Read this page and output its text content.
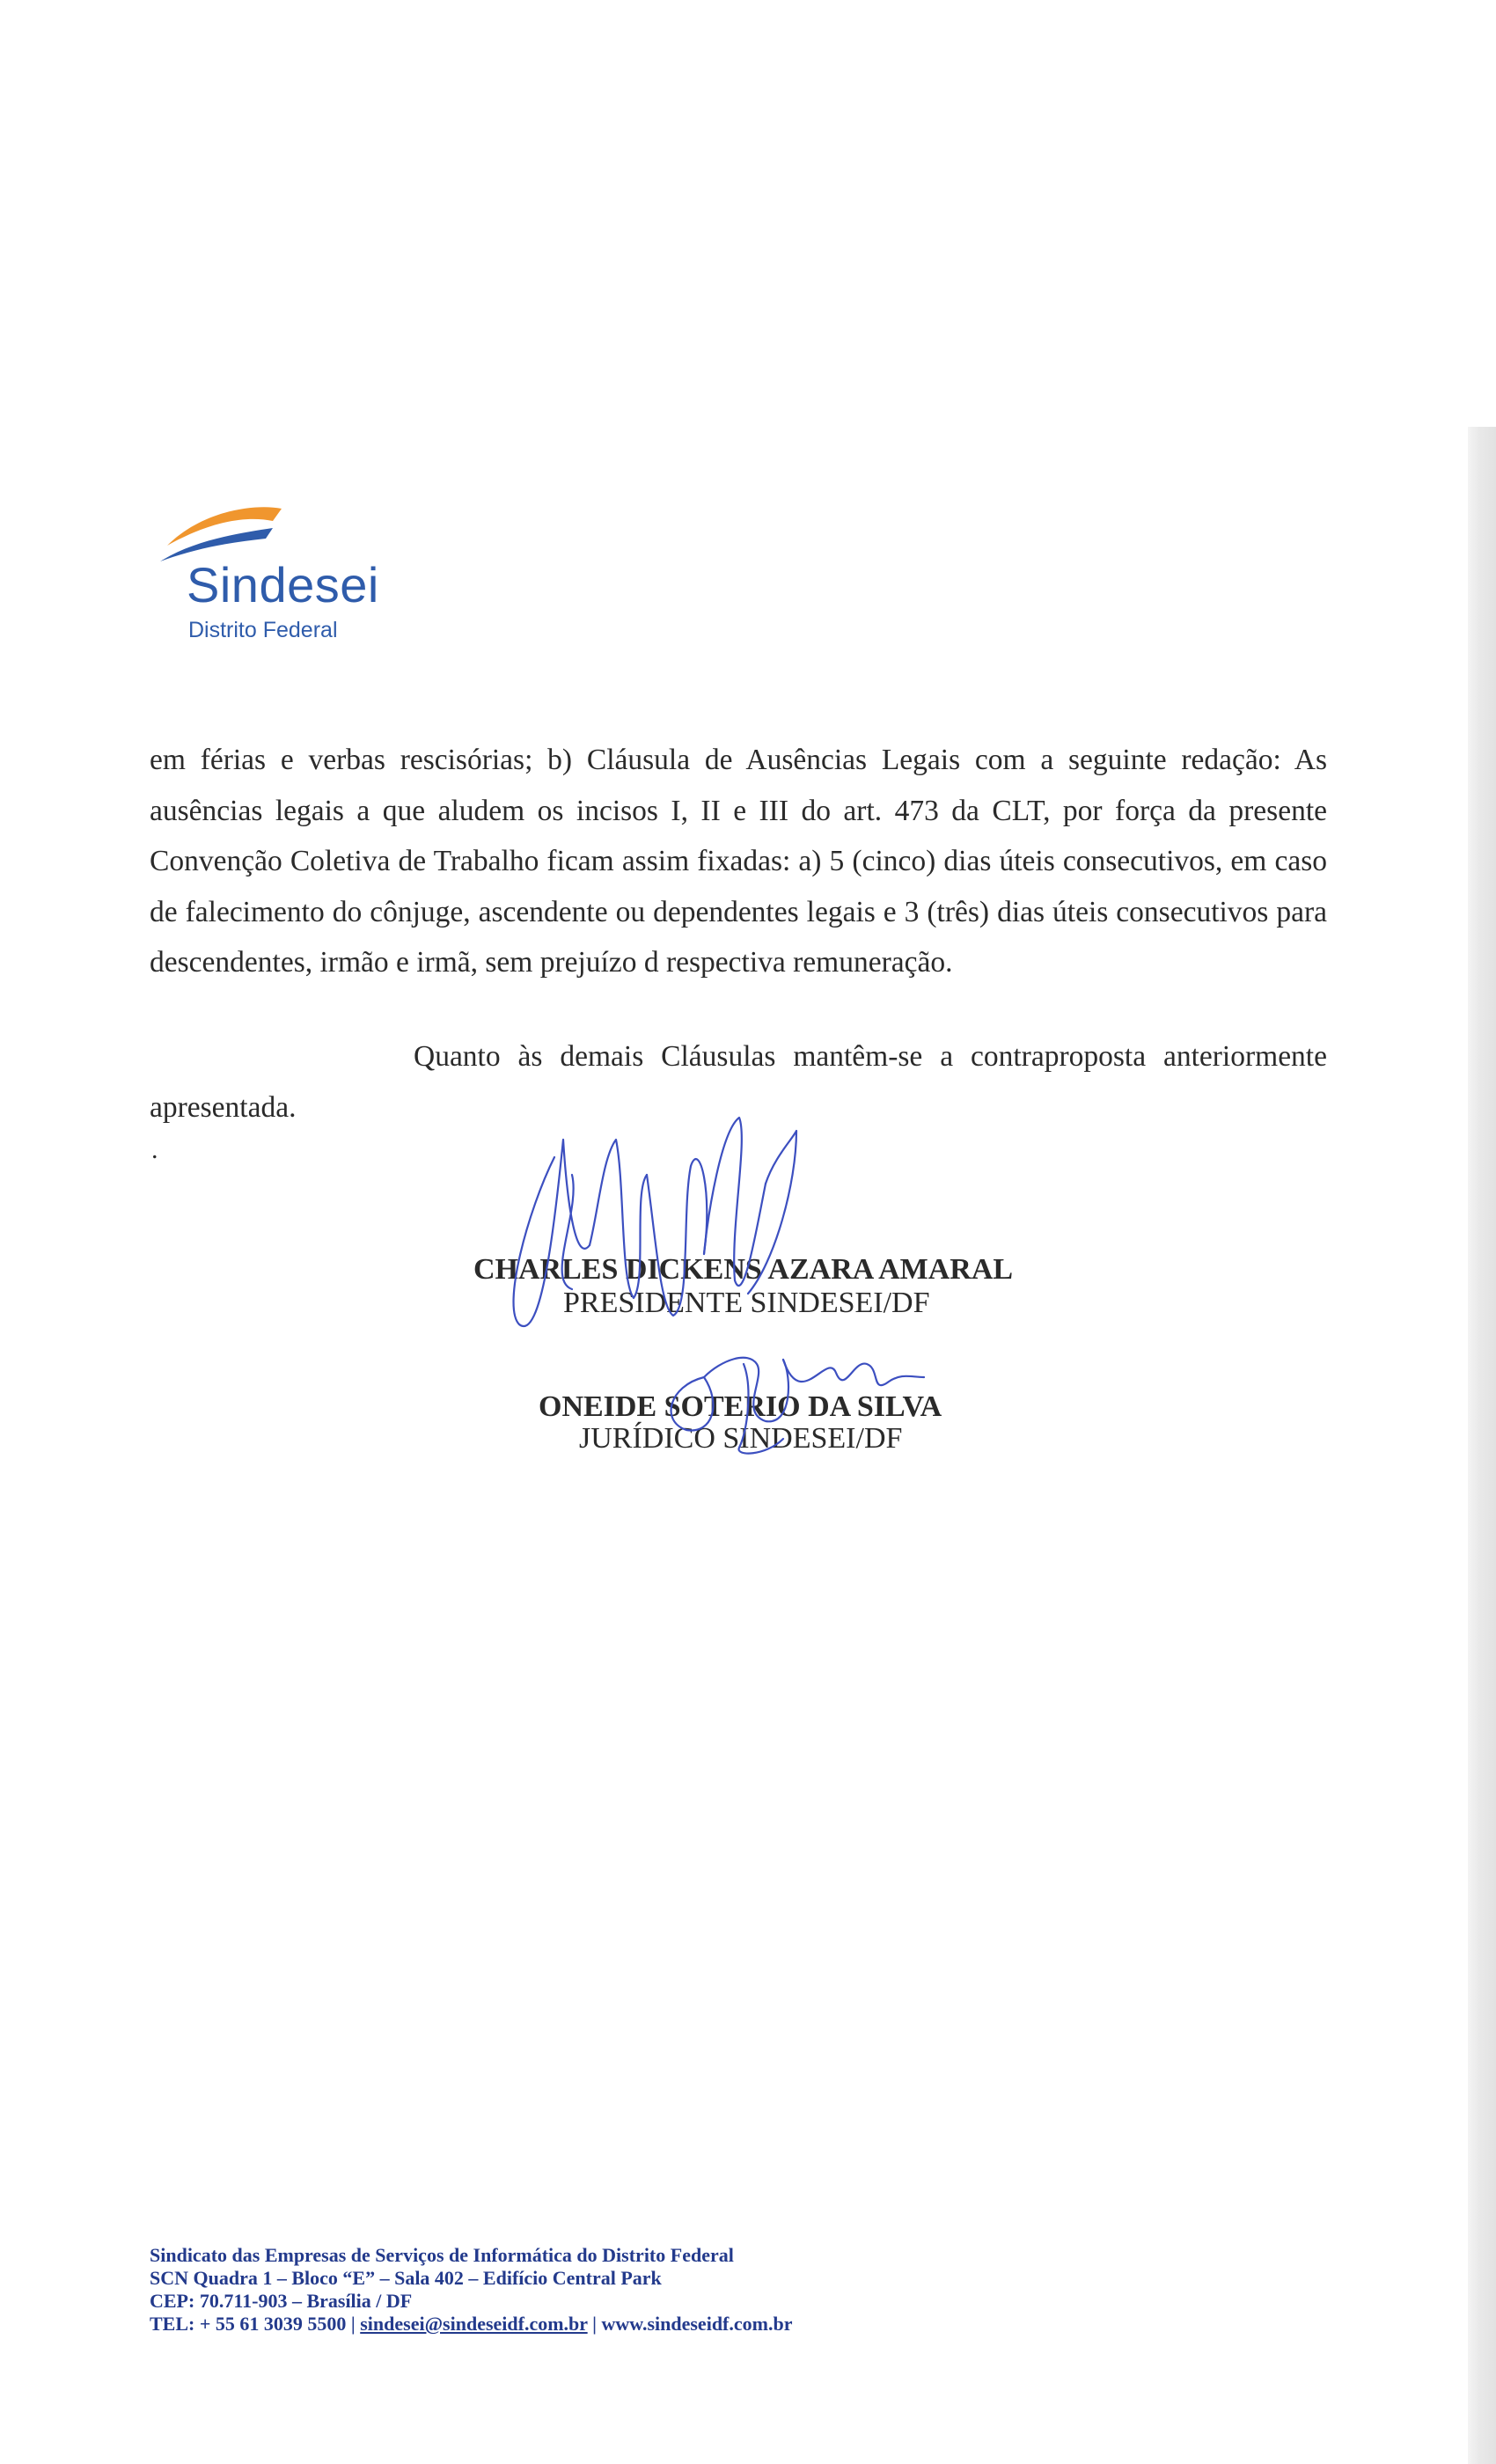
Sindesei
Distrito Federal

em férias e verbas rescisórias; b) Cláusula de Ausências Legais com a seguinte redação: As ausências legais a que aludem os incisos I, II e III do art. 473 da CLT, por força da presente Convenção Coletiva de Trabalho ficam assim fixadas: a) 5 (cinco) dias úteis consecutivos, em caso de falecimento do cônjuge, ascendente ou dependentes legais e 3 (três) dias úteis consecutivos para descendentes, irmão e irmã, sem prejuízo d respectiva remuneração.

Quanto às demais Cláusulas mantêm-se a contraproposta anteriormente

apresentada.

.

CHARLES DICKENS AZARA AMARAL

PRESIDENTE SINDESEI/DF

ONEIDE SOTERIO DA SILVA

JURÍDICO SINDESEI/DF

Sindicato das Empresas de Serviços de Informática do Distrito Federal
SCN Quadra 1 – Bloco “E” – Sala 402 – Edifício Central Park
CEP: 70.711-903 – Brasília / DF
TEL: + 55 61 3039 5500 | sindesei@sindeseidf.com.br | www.sindeseidf.com.br
